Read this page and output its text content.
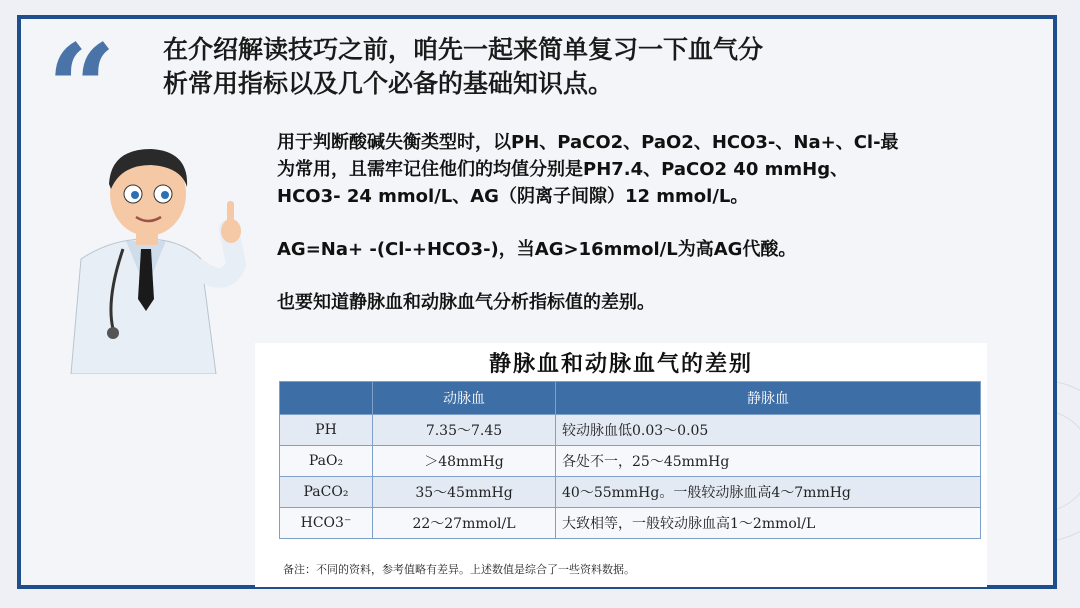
“ 在介绍解读技巧之前，咱先一起来简单复习一下血气分
析常用指标以及几个必备的基础知识点。

用于判断酸碱失衡类型时，以PH、PaCO2、PaO2、HCO3-、Na+、Cl-最
为常用，且需牢记住他们的均值分别是PH7.4、PaCO2 40 mmHg、
HCO3- 24 mmol/L、AG（阴离子间隙）12 mmol/L。

AG=Na+ -(Cl-+HCO3-)，当AG>16mmol/L为高AG代酸。

也要知道静脉血和动脉血气分析指标值的差别。

静脉血和动脉血气的差别
	动脉血	静脉血
PH	7.35～7.45	较动脉血低0.03～0.05
PaO₂	＞48mmHg	各处不一，25～45mmHg
PaCO₂	35～45mmHg	40～55mmHg。一般较动脉血高4～7mmHg
HCO3⁻	22～27mmol/L	大致相等，一般较动脉血高1～2mmol/L
备注：不同的资料，参考值略有差异。上述数值是综合了一些资料数据。
